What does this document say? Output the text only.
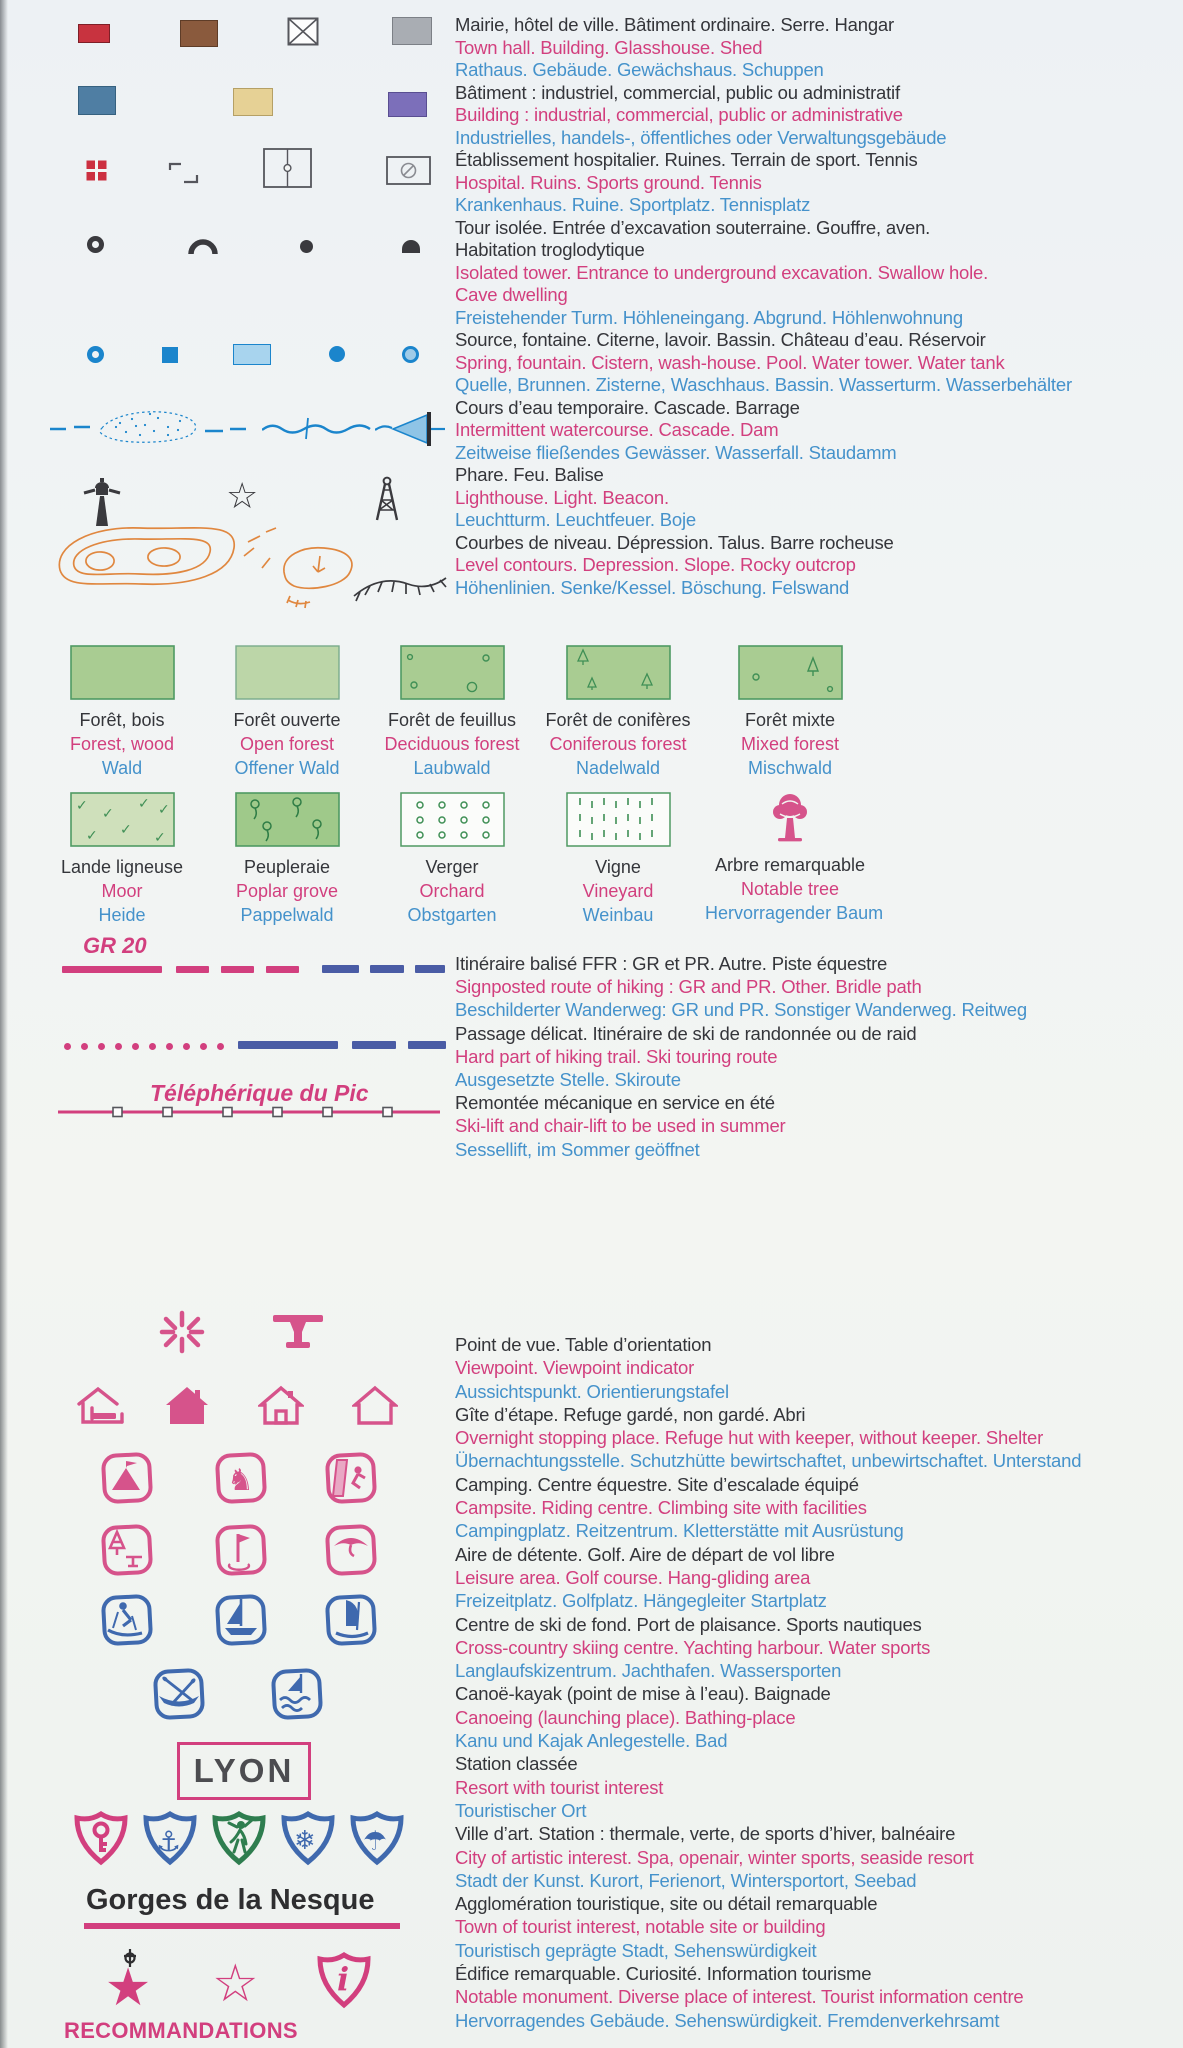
☆
Mairie, hôtel de ville. Bâtiment ordinaire. Serre. Hangar
Town hall. Building. Glasshouse. Shed
Rathaus. Gebäude. Gewächshaus. Schuppen
Bâtiment : industriel, commercial, public ou administratif
Building : industrial, commercial, public or administrative
Industrielles, handels-, öffentliches oder Verwaltungsgebäude
Établissement hospitalier. Ruines. Terrain de sport. Tennis
Hospital. Ruins. Sports ground. Tennis
Krankenhaus. Ruine. Sportplatz. Tennisplatz
Tour isolée. Entrée d’excavation souterraine. Gouffre, aven.
Habitation troglodytique
Isolated tower. Entrance to underground excavation. Swallow hole.
Cave dwelling
Freistehender Turm. Höhleneingang. Abgrund. Höhlenwohnung
Source, fontaine. Citerne, lavoir. Bassin. Château d’eau. Réservoir
Spring, fountain. Cistern, wash-house. Pool. Water tower. Water tank
Quelle, Brunnen. Zisterne, Waschhaus. Bassin. Wasserturm. Wasserbehälter
Cours d’eau temporaire. Cascade. Barrage
Intermittent watercourse. Cascade. Dam
Zeitweise fließendes Gewässer. Wasserfall. Staudamm
Phare. Feu. Balise
Lighthouse. Light. Beacon.
Leuchtturm. Leuchtfeuer. Boje
Courbes de niveau. Dépression. Talus. Barre rocheuse
Level contours. Depression. Slope. Rocky outcrop
Höhenlinien. Senke/Kessel. Böschung. Felswand
Forêt, bois
Forest, wood
Wald
Forêt ouverte
Open forest
Offener Wald
Forêt de feuillus
Deciduous forest
Laubwald
Forêt de conifères
Coniferous forest
Nadelwald
Forêt mixte
Mixed forest
Mischwald
✓ ✓
✓ ✓
✓ ✓ ✓
Lande ligneuse
Moor
Heide
Peupleraie
Poplar grove
Pappelwald
Verger
Orchard
Obstgarten
Vigne
Vineyard
Weinbau
Arbre remarquable
Notable tree
Hervorragender Baum
GR 20
Téléphérique du Pic
Itinéraire balisé FFR : GR et PR. Autre. Piste équestre
Signposted route of hiking : GR and PR. Other. Bridle path
Beschilderter Wanderweg: GR und PR. Sonstiger Wanderweg. Reitweg
Passage délicat. Itinéraire de ski de randonnée ou de raid
Hard part of hiking trail. Ski touring route
Ausgesetzte Stelle. Skiroute
Remontée mécanique en service en été
Ski-lift and chair-lift to be used in summer
Sessellift, im Sommer geöffnet
♞
LYON
⚓	❄ ☂
Gorges de la Nesque
★ ☆ i
RECOMMANDATIONS
Point de vue. Table d’orientation
Viewpoint. Viewpoint indicator
Aussichtspunkt. Orientierungstafel
Gîte d’étape. Refuge gardé, non gardé. Abri
Overnight stopping place. Refuge hut with keeper, without keeper. Shelter
Übernachtungsstelle. Schutzhütte bewirtschaftet, unbewirtschaftet. Unterstand
Camping. Centre équestre. Site d’escalade équipé
Campsite. Riding centre. Climbing site with facilities
Campingplatz. Reitzentrum. Kletterstätte mit Ausrüstung
Aire de détente. Golf. Aire de départ de vol libre
Leisure area. Golf course. Hang-gliding area
Freizeitplatz. Golfplatz. Hängegleiter Startplatz
Centre de ski de fond. Port de plaisance. Sports nautiques
Cross-country skiing centre. Yachting harbour. Water sports
Langlaufskizentrum. Jachthafen. Wassersporten
Canoë-kayak (point de mise à l’eau). Baignade
Canoeing (launching place). Bathing-place
Kanu und Kajak Anlegestelle. Bad
Station classée
Resort with tourist interest
Touristischer Ort
Ville d’art. Station : thermale, verte, de sports d’hiver, balnéaire
City of artistic interest. Spa, openair, winter sports, seaside resort
Stadt der Kunst. Kurort, Ferienort, Wintersportort, Seebad
Agglomération touristique, site ou détail remarquable
Town of tourist interest, notable site or building
Touristisch geprägte Stadt, Sehenswürdigkeit
Édifice remarquable. Curiosité. Information tourisme
Notable monument. Diverse place of interest. Tourist information centre
Hervorragendes Gebäude. Sehenswürdigkeit. Fremdenverkehrsamt
